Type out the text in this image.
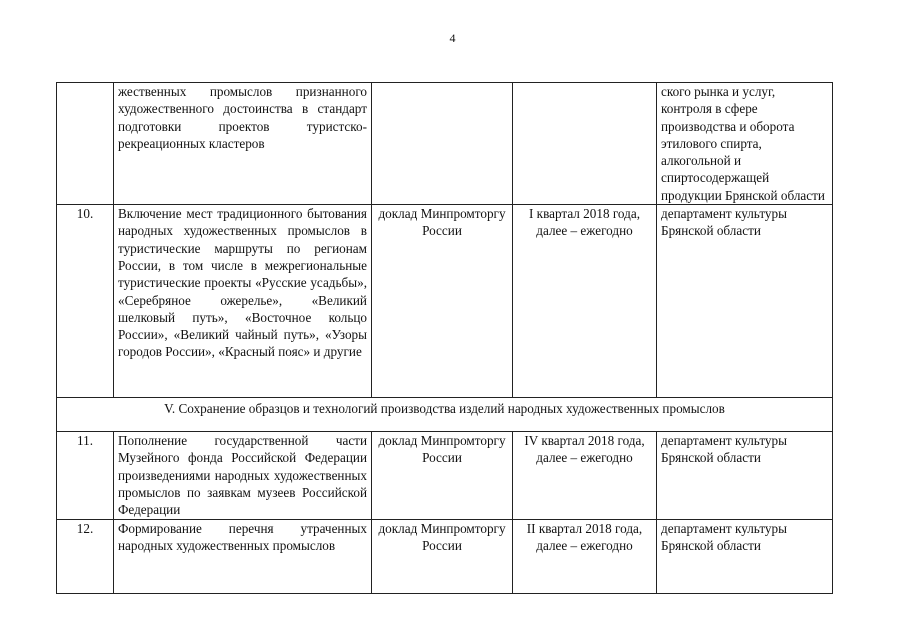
4
	жественных промыслов признанного художественного достоинства в стандарт подготовки проектов туристско-рекреационных кластеров			ского рынка и услуг, контроля в сфере производства и оборота этилового спирта, алкогольной и спиртосодержащей продукции Брянской области
10.	Включение мест традиционного бытования народных художественных промыслов в туристические маршруты по регионам России, в том числе в межрегиональные туристические проекты «Русские усадьбы», «Серебряное ожерелье», «Великий шелковый путь», «Восточное кольцо России», «Великий чайный путь», «Узоры городов России», «Красный пояс» и другие	доклад Минпромторгу России	I квартал 2018 года, далее – ежегодно	департамент культуры Брянской области
V. Сохранение образцов и технологий производства изделий народных художественных промыслов				
11.	Пополнение государственной части Музейного фонда Российской Федерации произведениями народных художественных промыслов по заявкам музеев Российской Федерации	доклад Минпромторгу России	IV квартал 2018 года, далее – ежегодно	департамент культуры Брянской области
12.	Формирование перечня утраченных народных художественных промыслов	доклад Минпромторгу России	II квартал 2018 года, далее – ежегодно	департамент культуры Брянской области
